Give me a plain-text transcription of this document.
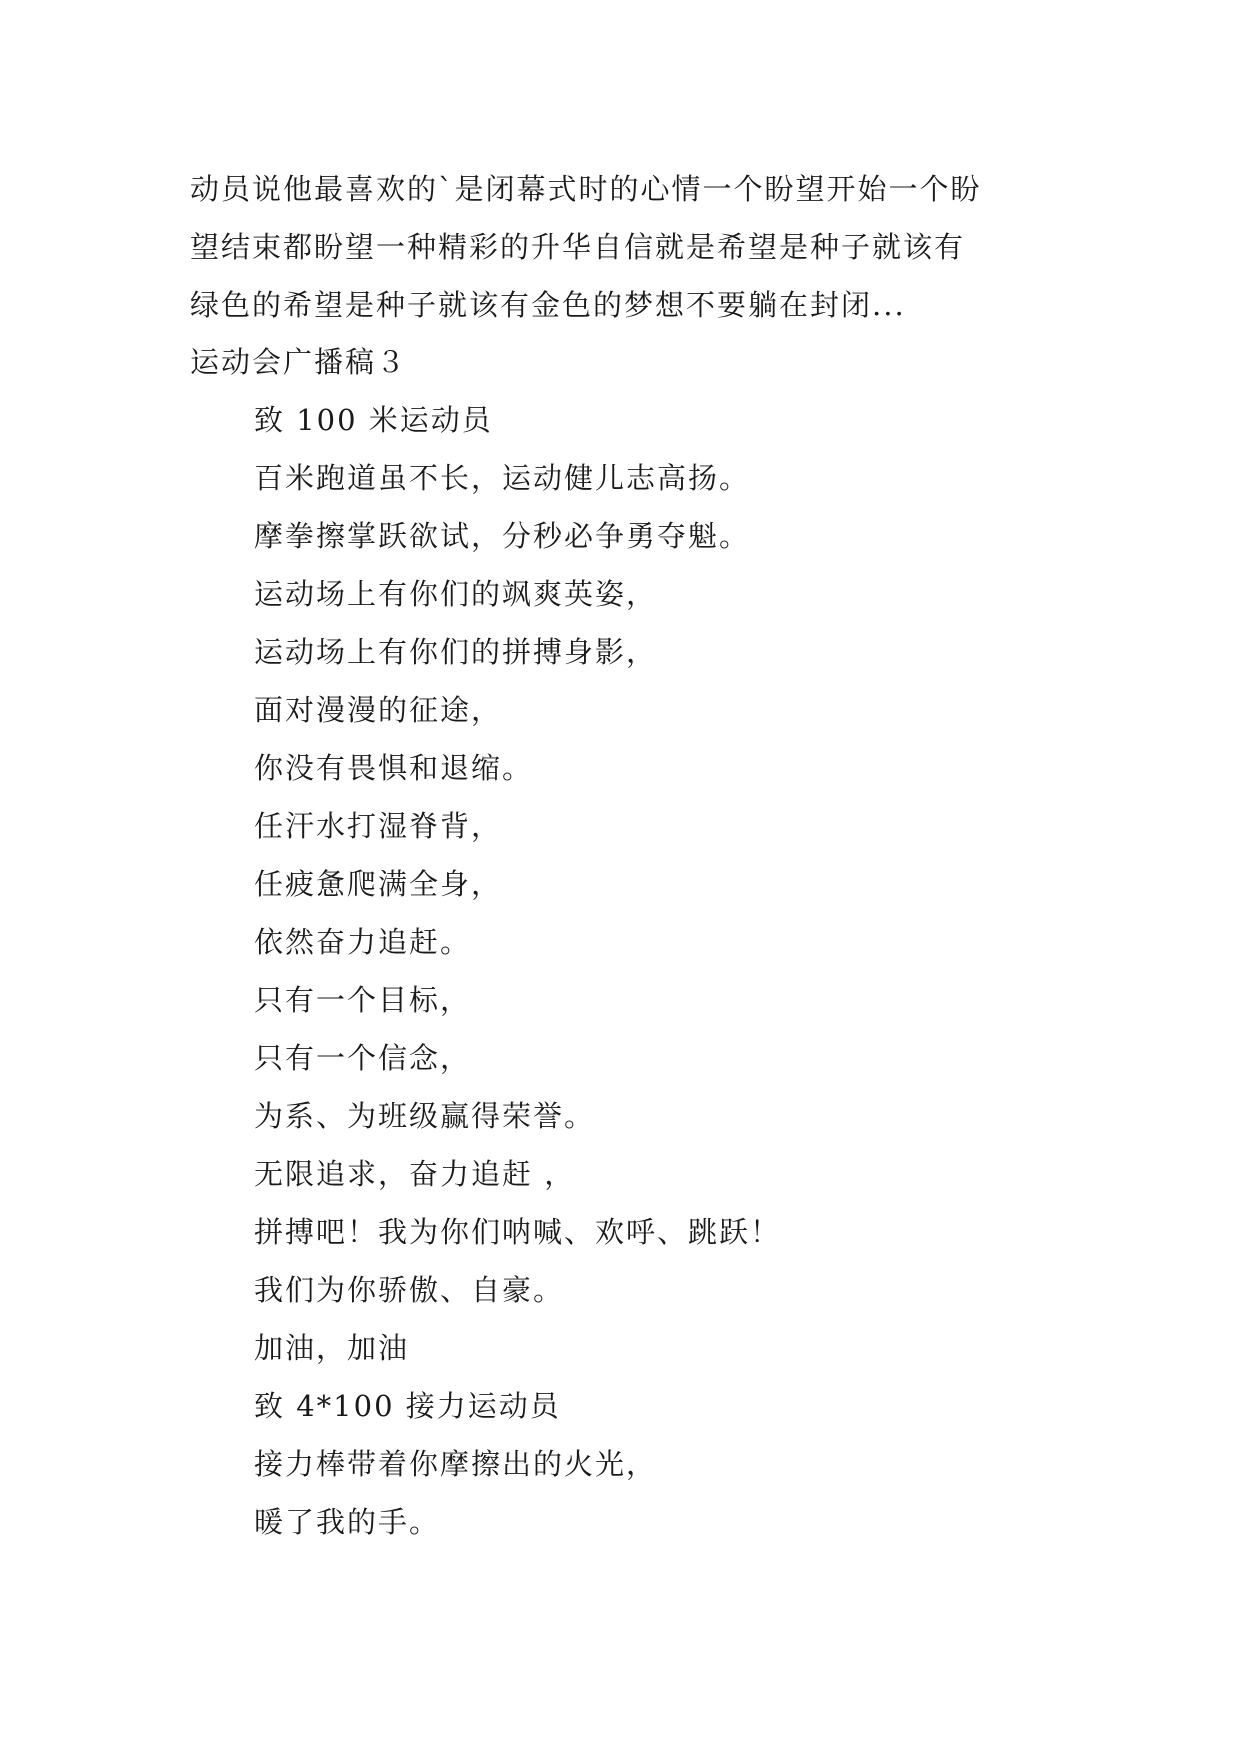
动员说他最喜欢的`是闭幕式时的心情一个盼望开始一个盼
望结束都盼望一种精彩的升华自信就是希望是种子就该有
绿色的希望是种子就该有金色的梦想不要躺在封闭...

运动会广播稿３
致 100 米运动员
百米跑道虽不长，运动健儿志高扬。
摩拳擦掌跃欲试，分秒必争勇夺魁。
运动场上有你们的飒爽英姿，
运动场上有你们的拼搏身影，
面对漫漫的征途，
你没有畏惧和退缩。
任汗水打湿脊背，
任疲惫爬满全身，
依然奋力追赶。
只有一个目标，
只有一个信念，
为系、为班级赢得荣誉。
无限追求，奋力追赶 ，
拼搏吧！我为你们呐喊、欢呼、跳跃！
我们为你骄傲、自豪。
加油，加油
致 4*100 接力运动员
接力棒带着你摩擦出的火光，
暖了我的手。
